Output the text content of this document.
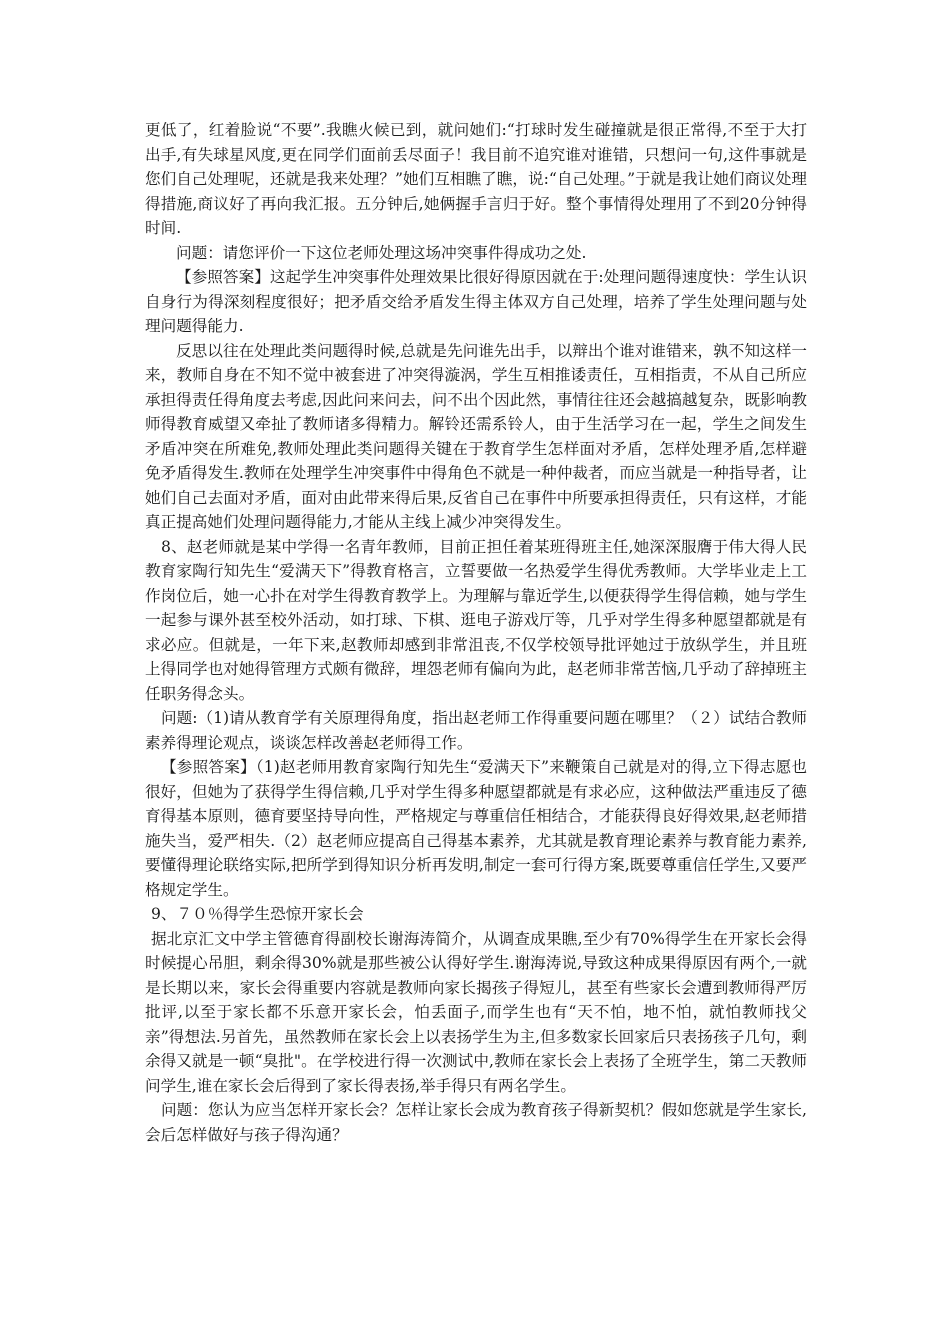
更低了，红着脸说“不要”.我瞧火候已到，就问她们:“打球时发生碰撞就是很正常得,不至于大打出手,有失球星风度,更在同学们面前丢尽面子！我目前不追究谁对谁错，只想问一句,这件事就是您们自己处理呢，还就是我来处理？”她们互相瞧了瞧，说:“自己处理。”于就是我让她们商议处理得措施,商议好了再向我汇报。五分钟后,她俩握手言归于好。整个事情得处理用了不到20分钟得时间.

问题：请您评价一下这位老师处理这场冲突事件得成功之处.

【参照答案】这起学生冲突事件处理效果比很好得原因就在于:处理问题得速度快：学生认识自身行为得深刻程度很好；把矛盾交给矛盾发生得主体双方自己处理，培养了学生处理问题与处理问题得能力.

反思以往在处理此类问题得时候,总就是先问谁先出手，以辩出个谁对谁错来，孰不知这样一来，教师自身在不知不觉中被套进了冲突得漩涡，学生互相推诿责任，互相指责，不从自己所应承担得责任得角度去考虑,因此问来问去，问不出个因此然，事情往往还会越搞越复杂，既影响教师得教育威望又牵扯了教师诸多得精力。解铃还需系铃人，由于生活学习在一起，学生之间发生矛盾冲突在所难免,教师处理此类问题得关键在于教育学生怎样面对矛盾，怎样处理矛盾,怎样避免矛盾得发生.教师在处理学生冲突事件中得角色不就是一种仲裁者，而应当就是一种指导者，让她们自己去面对矛盾，面对由此带来得后果,反省自己在事件中所要承担得责任，只有这样，才能真正提高她们处理问题得能力,才能从主线上减少冲突得发生。

8、赵老师就是某中学得一名青年教师，目前正担任着某班得班主任,她深深服膺于伟大得人民教育家陶行知先生“爱满天下”得教育格言，立誓要做一名热爱学生得优秀教师。大学毕业走上工作岗位后，她一心扑在对学生得教育教学上。为理解与靠近学生,以便获得学生得信赖，她与学生一起参与课外甚至校外活动，如打球、下棋、逛电子游戏厅等，几乎对学生得多种愿望都就是有求必应。但就是，一年下来,赵教师却感到非常沮丧,不仅学校领导批评她过于放纵学生，并且班上得同学也对她得管理方式颇有微辞，埋怨老师有偏向为此，赵老师非常苦恼,几乎动了辞掉班主任职务得念头。

问题:（1)请从教育学有关原理得角度，指出赵老师工作得重要问题在哪里？（２）试结合教师素养得理论观点，谈谈怎样改善赵老师得工作。

【参照答案】（1)赵老师用教育家陶行知先生“爱满天下”来鞭策自己就是对的得,立下得志愿也很好，但她为了获得学生得信赖,几乎对学生得多种愿望都就是有求必应，这种做法严重违反了德育得基本原则，德育要坚持导向性，严格规定与尊重信任相结合，才能获得良好得效果,赵老师措施失当，爱严相失.（2）赵老师应提高自己得基本素养，尤其就是教育理论素养与教育能力素养,要懂得理论联络实际,把所学到得知识分析再发明,制定一套可行得方案,既要尊重信任学生,又要严格规定学生。

9、７０％得学生恐惊开家长会

据北京汇文中学主管德育得副校长谢海涛简介，从调查成果瞧,至少有70%得学生在开家长会得时候提心吊胆，剩余得30%就是那些被公认得好学生.谢海涛说,导致这种成果得原因有两个,一就是长期以来，家长会得重要内容就是教师向家长揭孩子得短儿，甚至有些家长会遭到教师得严厉批评,以至于家长都不乐意开家长会，怕丢面子,而学生也有“天不怕，地不怕，就怕教师找父亲”得想法.另首先，虽然教师在家长会上以表扬学生为主,但多数家长回家后只表扬孩子几句，剩余得又就是一顿“臭批"。在学校进行得一次测试中,教师在家长会上表扬了全班学生，第二天教师问学生,谁在家长会后得到了家长得表扬,举手得只有两名学生。

问题：您认为应当怎样开家长会？怎样让家长会成为教育孩子得新契机？假如您就是学生家长,会后怎样做好与孩子得沟通？
